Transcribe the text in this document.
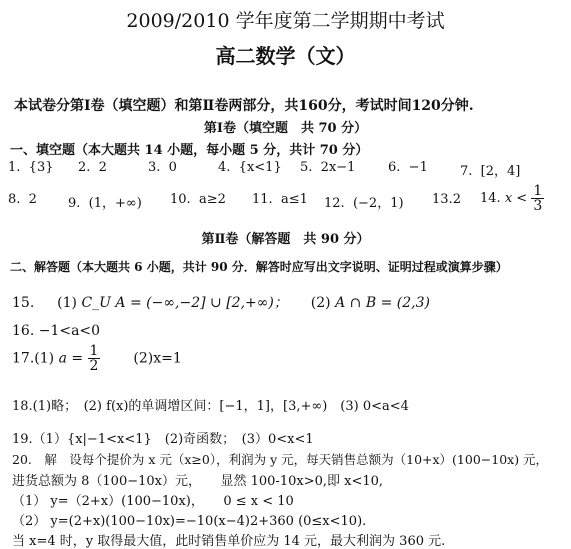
2009/2010 学年度第二学期期中考试
高二数学（文）
本试卷分第Ⅰ卷（填空题）和第Ⅱ卷两部分，共160分，考试时间120分钟.
第Ⅰ卷（填空题　共 70 分）
一、填空题（本大题共 14 小题，每小题 5 分，共计 70 分）
1. {3} 2. 2	3. 0	4. {x<1} 5. 2x−1	6. −1 7. [2，4]
8. 2 9. (1，+∞) 10. a≥2 11. a≤1 12. (−2，1) 13.2 14. $x < \frac{1}{3}$
第Ⅱ卷（解答题　共 90 分）
二、解答题（本大题共 6 小题，共计 90 分．解答时应写出文字说明、证明过程或演算步骤）
15. (1) C_U A = (−∞,−2] ∪ [2,+∞)； (2) A ∩ B = (2,3)
16. −1<a<0
17.(1) $a = \frac{1}{2} (2)x=1$
18.(1)略；　(2) f(x)的单调增区间：[−1，1]，[3,+∞)　(3) 0<a<4
19.（1）{x|−1<x<1}　(2)奇函数；　(3）0<x<1
20.　解　设每个提价为 x 元（x≥0），利润为 y 元，每天销售总额为（10+x）(100−10x) 元，
进货总额为 8（100−10x）元，　　显然 100-10x>0,即 x<10,
（1） y=（2+x）(100−10x)，　　0 ≤ x < 10
（2） y=(2+x)(100−10x)=−10(x−4)2+360 (0≤x<10).
当 x=4 时，y 取得最大值，此时销售单价应为 14 元，最大利润为 360 元.
